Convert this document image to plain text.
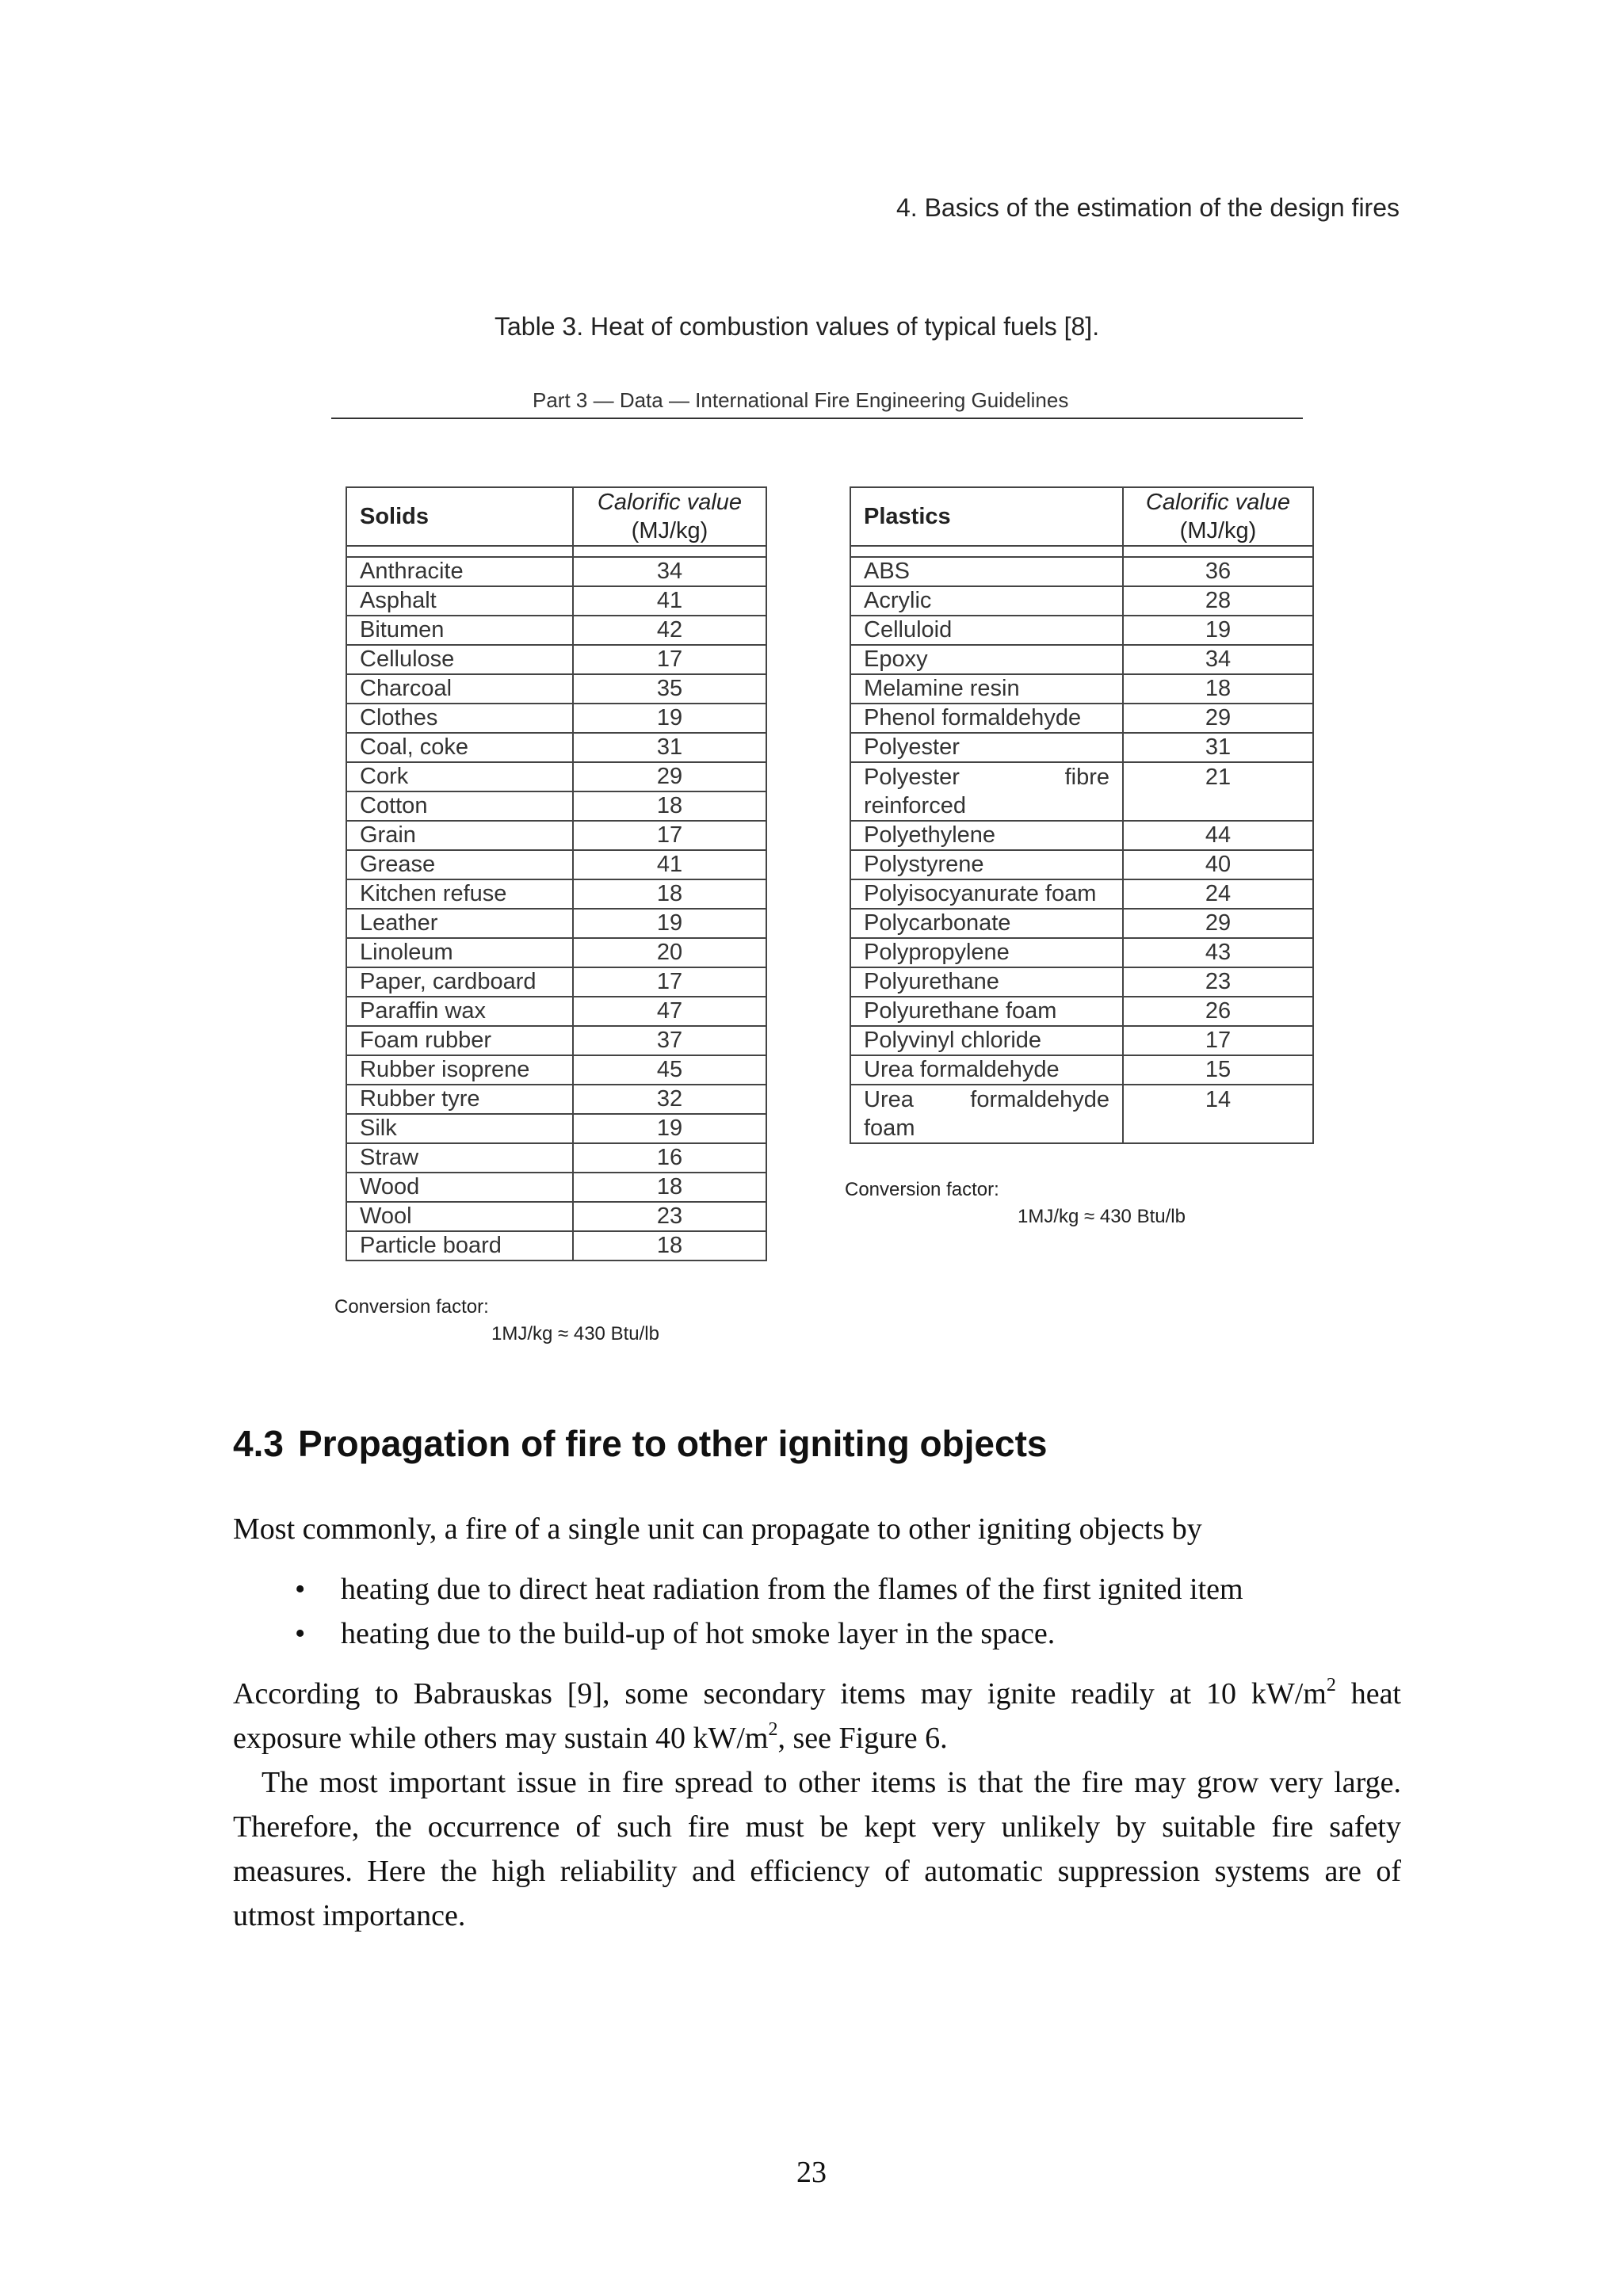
4. Basics of the estimation of the design fires
Table 3. Heat of combustion values of typical fuels [8].
Part 3 — Data — International Fire Engineering Guidelines
Solids	Calorific value
(MJ/kg)

Anthracite	34
Asphalt	41
Bitumen	42
Cellulose	17
Charcoal	35
Clothes	19
Coal, coke	31
Cork	29
Cotton	18
Grain	17
Grease	41
Kitchen refuse	18
Leather	19
Linoleum	20
Paper, cardboard	17
Paraffin wax	47
Foam rubber	37
Rubber isoprene	45
Rubber tyre	32
Silk	19
Straw	16
Wood	18
Wool	23
Particle board	18
Conversion factor:
1MJ/kg ≈ 430 Btu/lb
Plastics	Calorific value
(MJ/kg)

ABS	36
Acrylic	28
Celluloid	19
Epoxy	34
Melamine resin	18
Phenol formaldehyde	29
Polyester	31

Polyester fibre
reinforced	21
Polyethylene	44
Polystyrene	40
Polyisocyanurate foam	24
Polycarbonate	29
Polypropylene	43
Polyurethane	23
Polyurethane foam	26
Polyvinyl chloride	17
Urea formaldehyde	15

Urea formaldehyde
foam	14
Conversion factor:
1MJ/kg ≈ 430 Btu/lb
4.3 Propagation of fire to other igniting objects

Most commonly, a fire of a single unit can propagate to other igniting objects by

• heating due to direct heat radiation from the flames of the first ignited item
• heating due to the build-up of hot smoke layer in the space.

According to Babrauskas [9], some secondary items may ignite readily at 10 $kW/m^2$ heat exposure while others may sustain 40 $kW/m^2$, see Figure 6.

The most important issue in fire spread to other items is that the fire may grow very large. Therefore, the occurrence of such fire must be kept very unlikely by suitable fire safety measures. Here the high reliability and efficiency of automatic suppression systems are of utmost importance.

23
